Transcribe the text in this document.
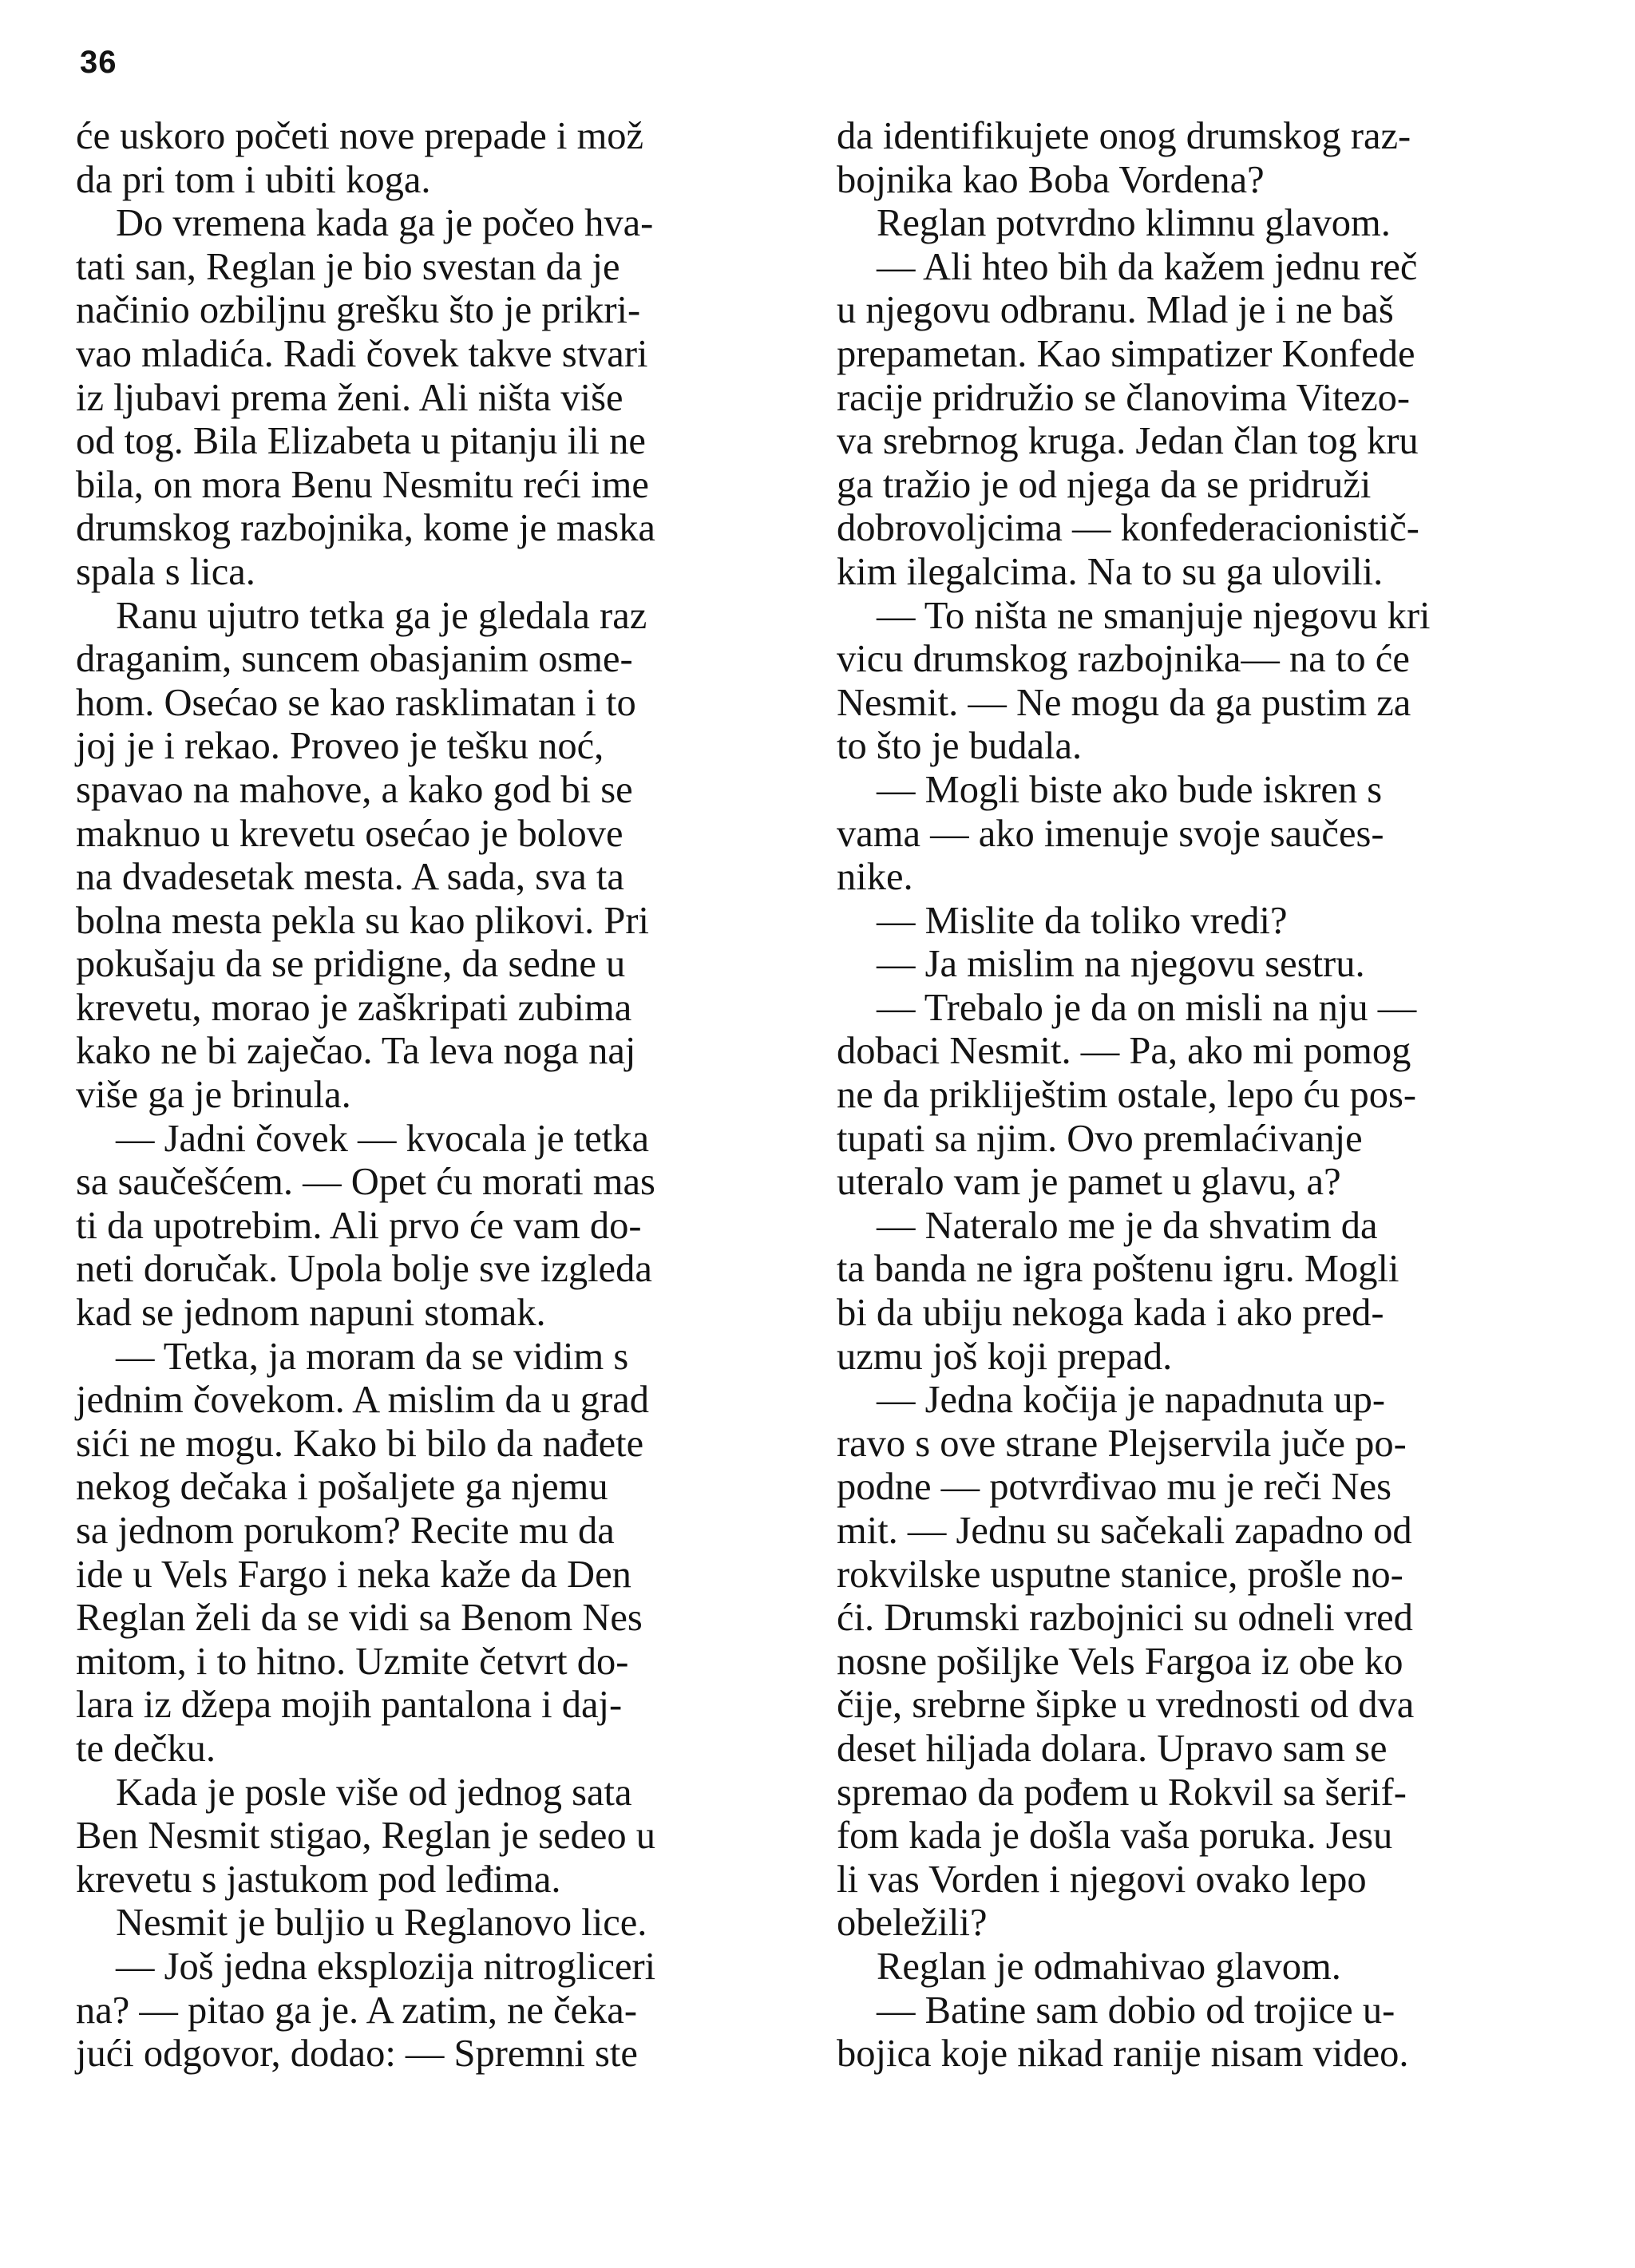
36
će uskoro početi nove prepade i mož
da pri tom i ubiti koga.
Do vremena kada ga je počeo hva-
tati san, Reglan je bio svestan da je
načinio ozbiljnu grešku što je prikri-
vao mladića. Radi čovek takve stvari
iz ljubavi prema ženi. Ali ništa više
od tog. Bila Elizabeta u pitanju ili ne
bila, on mora Benu Nesmitu reći ime
drumskog razbojnika, kome je maska
spala s lica.
Ranu ujutro tetka ga je gledala raz
draganim, suncem obasjanim osme-
hom. Osećao se kao rasklimatan i to
joj je i rekao. Proveo je tešku noć,
spavao na mahove, a kako god bi se
maknuo u krevetu osećao je bolove
na dvadesetak mesta. A sada, sva ta
bolna mesta pekla su kao plikovi. Pri
pokušaju da se pridigne, da sedne u
krevetu, morao je zaškripati zubima
kako ne bi zaječao. Ta leva noga naj
više ga je brinula.
— Jadni čovek — kvocala je tetka
sa saučešćem. — Opet ću morati mas
ti da upotrebim. Ali prvo će vam do-
neti doručak. Upola bolje sve izgleda
kad se jednom napuni stomak.
— Tetka, ja moram da se vidim s
jednim čovekom. A mislim da u grad
sići ne mogu. Kako bi bilo da nađete
nekog dečaka i pošaljete ga njemu
sa jednom porukom? Recite mu da
ide u Vels Fargo i neka kaže da Den
Reglan želi da se vidi sa Benom Nes
mitom, i to hitno. Uzmite četvrt do-
lara iz džepa mojih pantalona i daj-
te dečku.
Kada je posle više od jednog sata
Ben Nesmit stigao, Reglan je sedeo u
krevetu s jastukom pod leđima.
Nesmit je buljio u Reglanovo lice.
— Još jedna eksplozija nitrogliceri
na? — pitao ga je. A zatim, ne čeka-
jući odgovor, dodao: — Spremni ste
da identifikujete onog drumskog raz-
bojnika kao Boba Vordena?
Reglan potvrdno klimnu glavom.
— Ali hteo bih da kažem jednu reč
u njegovu odbranu. Mlad je i ne baš
prepametan. Kao simpatizer Konfede
racije pridružio se članovima Vitezo-
va srebrnog kruga. Jedan član tog kru
ga tražio je od njega da se pridruži
dobrovoljcima — konfederacionistič-
kim ilegalcima. Na to su ga ulovili.
— To ništa ne smanjuje njegovu kri
vicu drumskog razbojnika— na to će
Nesmit. — Ne mogu da ga pustim za
to što je budala.
— Mogli biste ako bude iskren s
vama — ako imenuje svoje saučes-
nike.
— Mislite da toliko vredi?
— Ja mislim na njegovu sestru.
— Trebalo je da on misli na nju —
dobaci Nesmit. — Pa, ako mi pomog
ne da prikliještim ostale, lepo ću pos-
tupati sa njim. Ovo premlaćivanje
uteralo vam je pamet u glavu, a?
— Nateralo me je da shvatim da
ta banda ne igra poštenu igru. Mogli
bi da ubiju nekoga kada i ako pred-
uzmu još koji prepad.
— Jedna kočija je napadnuta up-
ravo s ove strane Plejservila juče po-
podne — potvrđivao mu je reči Nes
mit. — Jednu su sačekali zapadno od
rokvilske usputne stanice, prošle no-
ći. Drumski razbojnici su odneli vred
nosne pošiljke Vels Fargoa iz obe ko
čije, srebrne šipke u vrednosti od dva
deset hiljada dolara. Upravo sam se
spremao da pođem u Rokvil sa šerif-
fom kada je došla vaša poruka. Jesu
li vas Vorden i njegovi ovako lepo
obeležili?
Reglan je odmahivao glavom.
— Batine sam dobio od trojice u-
bojica koje nikad ranije nisam video.
